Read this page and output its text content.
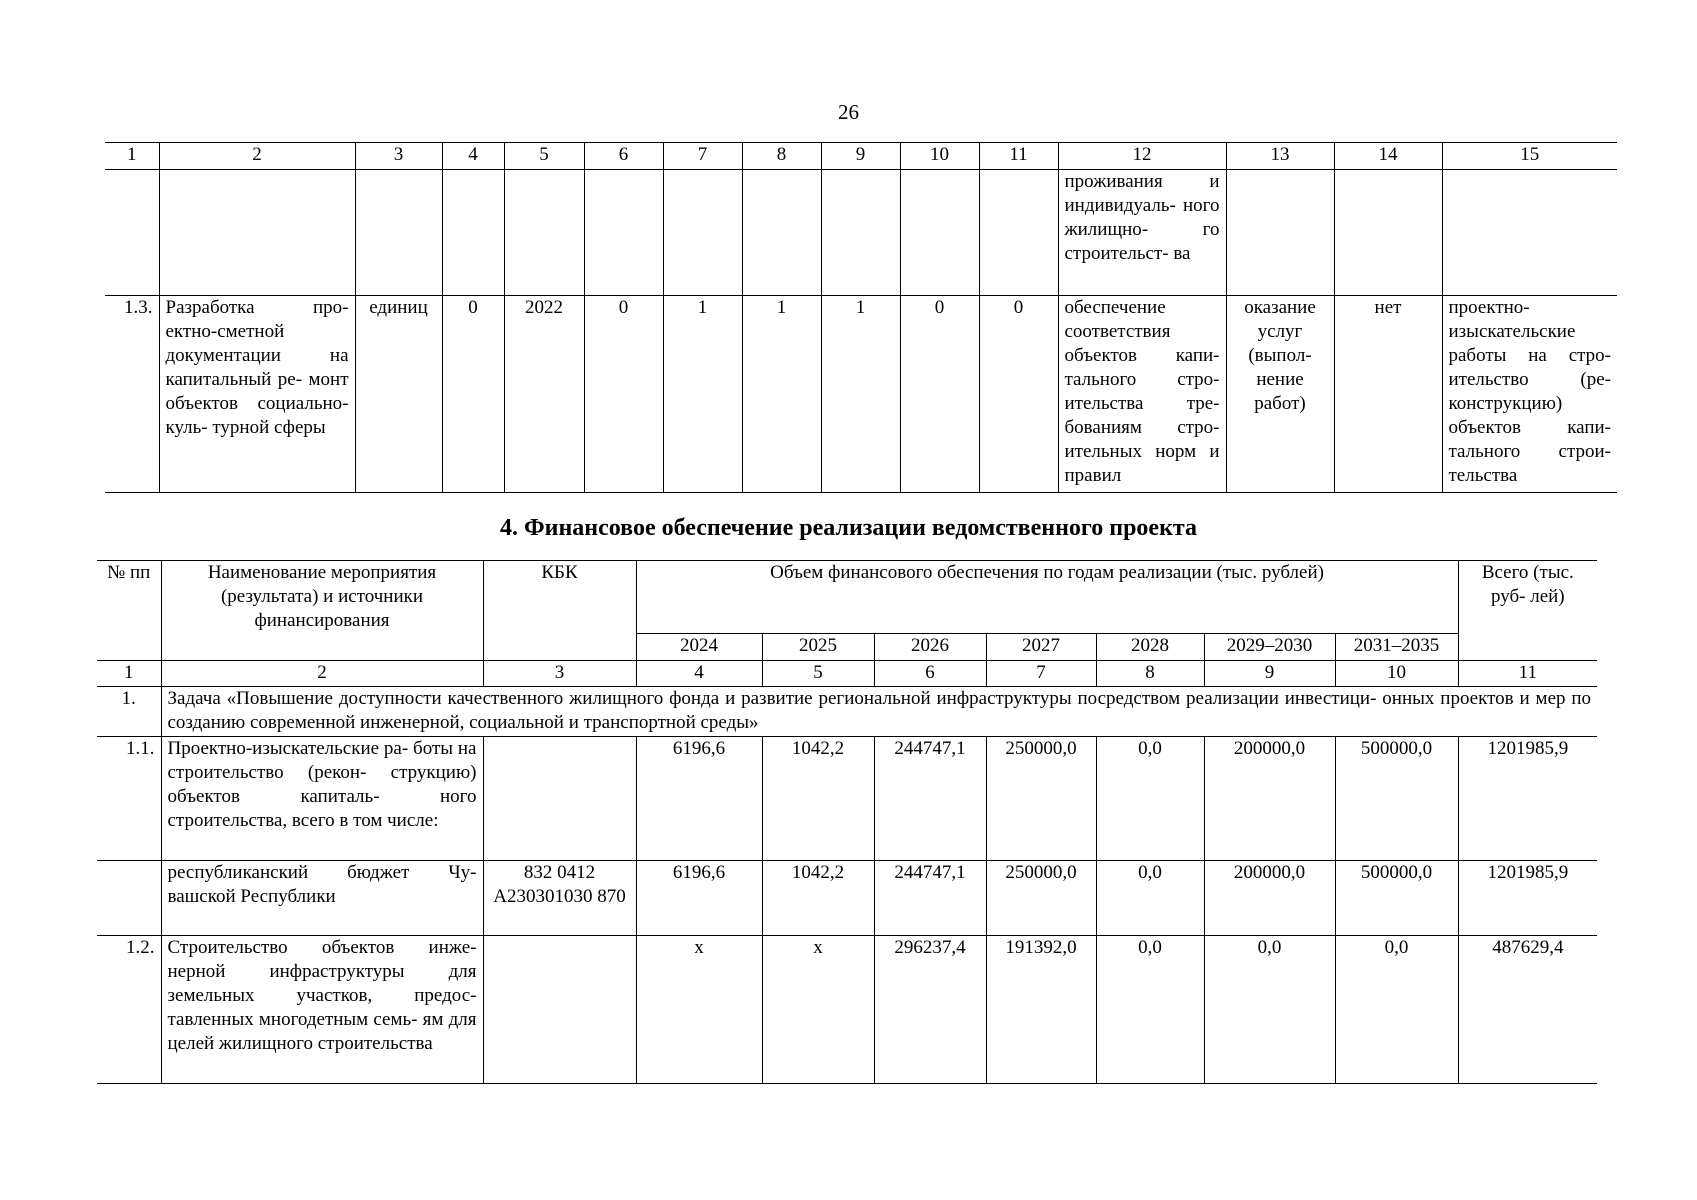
26
1	2	3	4	5	6	7	8	9	10	11	12	13	14	15
											проживания и индивидуаль- ного жилищно- го строительст- ва			
1.3.	Разработка про- ектно-сметной документации на капитальный ре- монт объектов социально-куль- турной сферы	единиц	0	2022	0	1	1	1	0	0	обеспечение соответствия объектов капи- тального стро- ительства тре- бованиям стро- ительных норм и правил	оказание услуг (выпол- нение работ)	нет	проектно- изыскательские работы на стро- ительство (ре- конструкцию) объектов капи- тального строи- тельства
4. Финансовое обеспечение реализации ведомственного проекта
№ пп	Наименование мероприятия (результата) и источники финансирования	КБК	Объем финансового обеспечения по годам реализации (тыс. рублей)							Всего (тыс. руб- лей)
			2024	2025	2026	2027	2028	2029–2030	2031–2035	
1	2	3	4	5	6	7	8	9	10	11
1.	Задача «Повышение доступности качественного жилищного фонда и развитие региональной инфраструктуры посредством реализации инвестици- онных проектов и мер по созданию современной инженерной, социальной и транспортной среды»									
1.1.	Проектно-изыскательские ра- боты на строительство (рекон- струкцию) объектов капиталь- ного строительства, всего в том числе:		6196,6	1042,2	244747,1	250000,0	0,0	200000,0	500000,0	1201985,9
	республиканский бюджет Чу- вашской Республики	832 0412 А230301030 870	6196,6	1042,2	244747,1	250000,0	0,0	200000,0	500000,0	1201985,9
1.2.	Строительство объектов инже- нерной инфраструктуры для земельных участков, предос- тавленных многодетным семь- ям для целей жилищного строительства		х	х	296237,4	191392,0	0,0	0,0	0,0	487629,4
